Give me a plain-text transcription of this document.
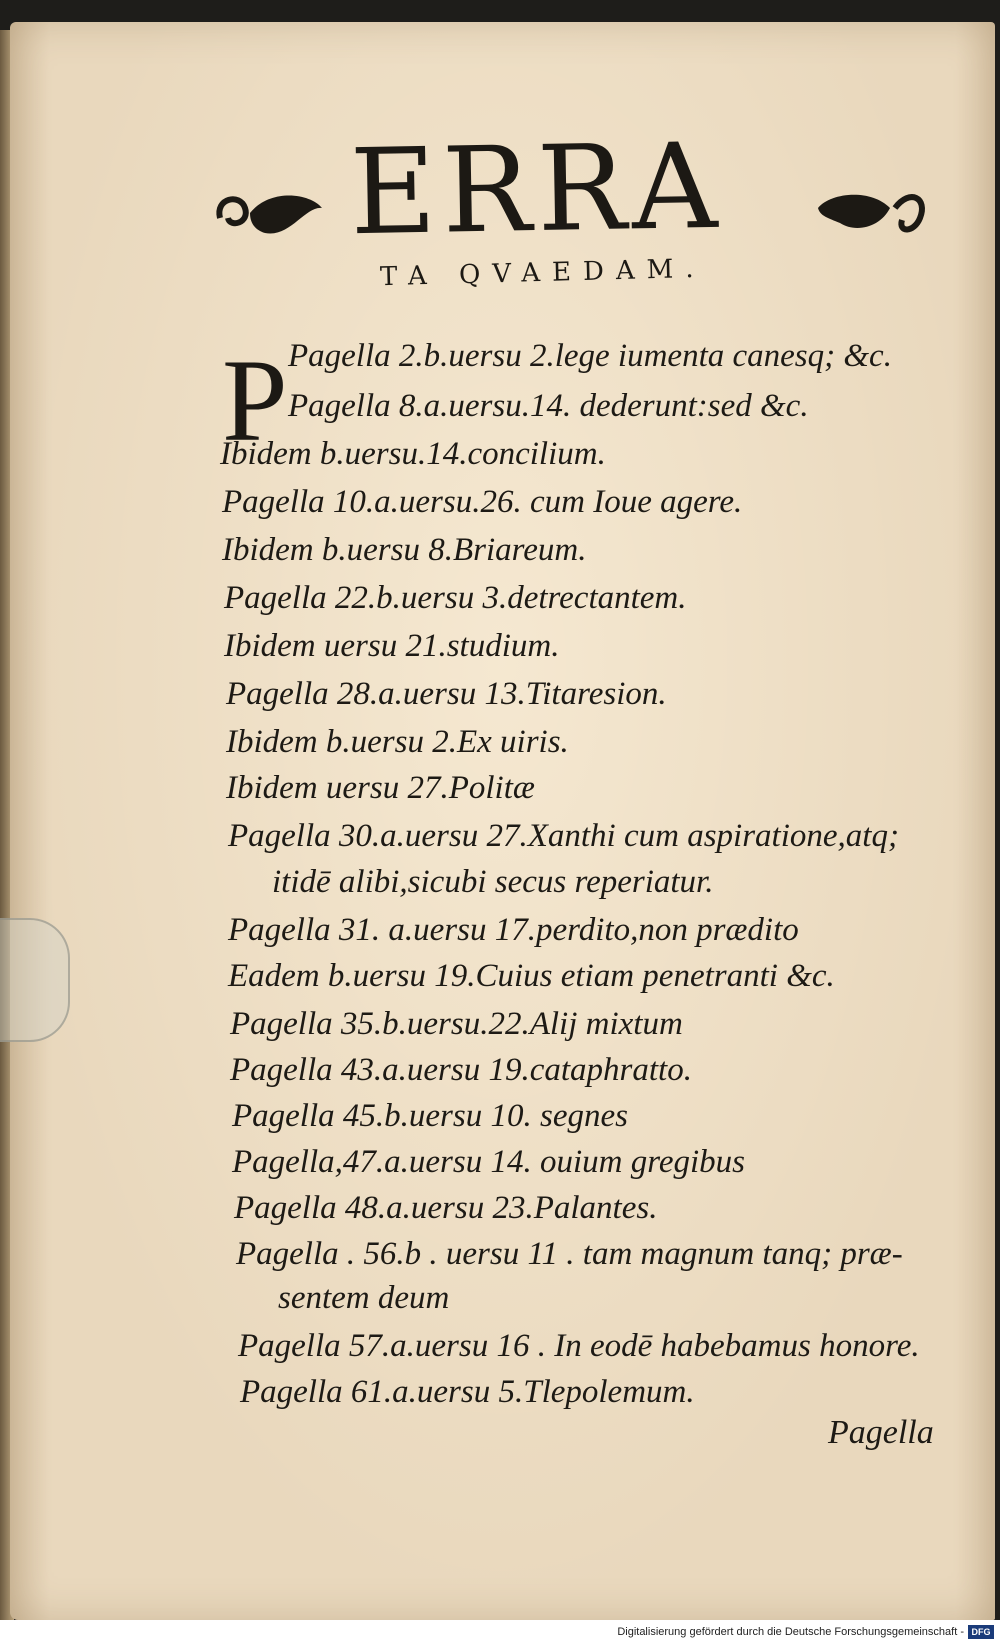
ERRA
TA QVAEDAM.
P Pagella 2.b.uersu 2.lege iumenta canesq; &c.
Pagella 8.a.uersu.14. dederunt:sed &c.
Ibidem b.uersu.14.concilium.
Pagella 10.a.uersu.26. cum Ioue agere.
Ibidem b.uersu 8.Briareum.
Pagella 22.b.uersu 3.detrectantem.
Ibidem uersu 21.studium.
Pagella 28.a.uersu 13.Titaresion.
Ibidem b.uersu 2.Ex uiris.
Ibidem uersu 27.Politæ
Pagella 30.a.uersu 27.Xanthi cum aspiratione,atq;
itidē alibi,sicubi secus reperiatur.
Pagella 31. a.uersu 17.perdito,non prædito
Eadem b.uersu 19.Cuius etiam penetranti &c.
Pagella 35.b.uersu.22.Alij mixtum
Pagella 43.a.uersu 19.cataphratto.
Pagella 45.b.uersu 10. segnes
Pagella,47.a.uersu 14. ouium gregibus
Pagella 48.a.uersu 23.Palantes.
Pagella . 56.b . uersu 11 . tam magnum tanq; præ-
sentem deum
Pagella 57.a.uersu 16 . In eodē habebamus honore.
Pagella 61.a.uersu 5.Tlepolemum.
Pagella
Digitalisierung gefördert durch die Deutsche Forschungsgemeinschaft - DFG
